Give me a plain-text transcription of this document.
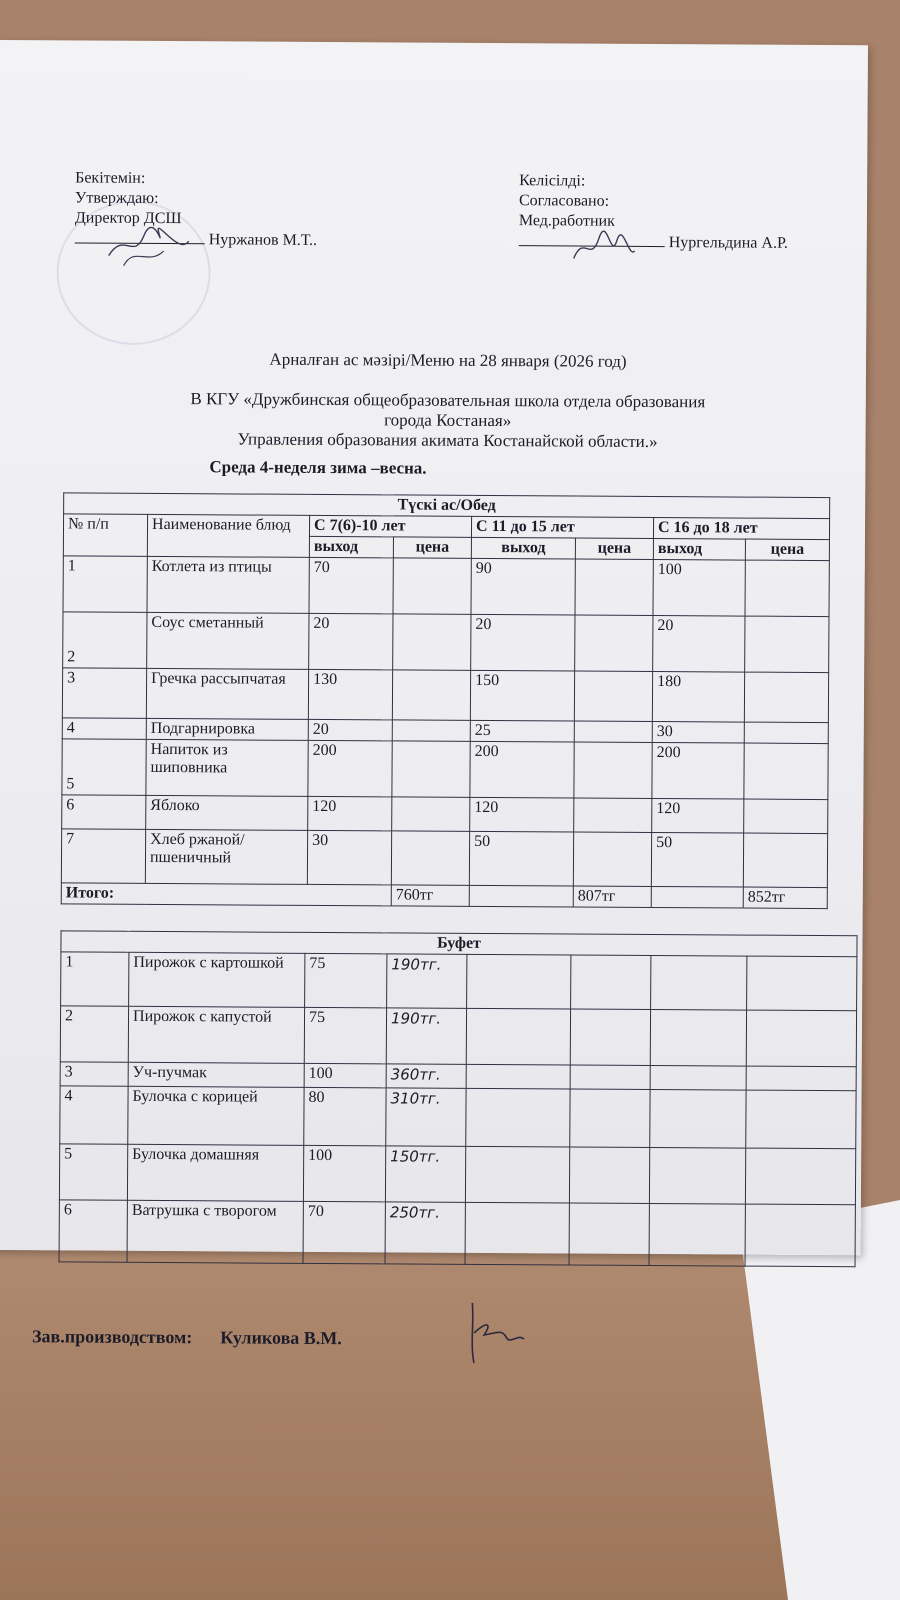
Бекітемін:
Утверждаю:
Директор ДСШ
Нуржанов М.Т..
Келісілді:
Согласовано:
Мед.работник
Нургельдина А.Р.
Арналған ас мәзірі/Меню на 28 января (2026 год)
В КГУ «Дружбинская общеобразовательная школа отдела образования
города Костаная»
Управления образования акимата Костанайской области.»
Среда 4-неделя зима –весна.
Түскі ас/Обед							
№ п/п	Наименование блюд	С 7(6)-10 лет		С 11 до 15 лет		С 16 до 18 лет	
		выход	цена	выход	цена	выход	цена
1	Котлета из птицы	70		90		100	
2	Соус сметанный	20		20		20	
3	Гречка рассыпчатая	130		150		180	
4	Подгарнировка	20		25		30	
5	Напиток из шиповника	200		200		200	
6	Яблоко	120		120		120	
7	Хлеб ржаной/ пшеничный	30		50		50	
Итого:			760тг		807тг		852тг
Буфет							
1	Пирожок с картошкой	75	190тг.				
2	Пирожок с капустой	75	190тг.				
3	Уч-пучмак	100	360тг.				
4	Булочка с корицей	80	310тг.				
5	Булочка домашняя	100	150тг.				
6	Ватрушка с творогом	70	250тг.				
Зав.производством: Куликова В.М.
